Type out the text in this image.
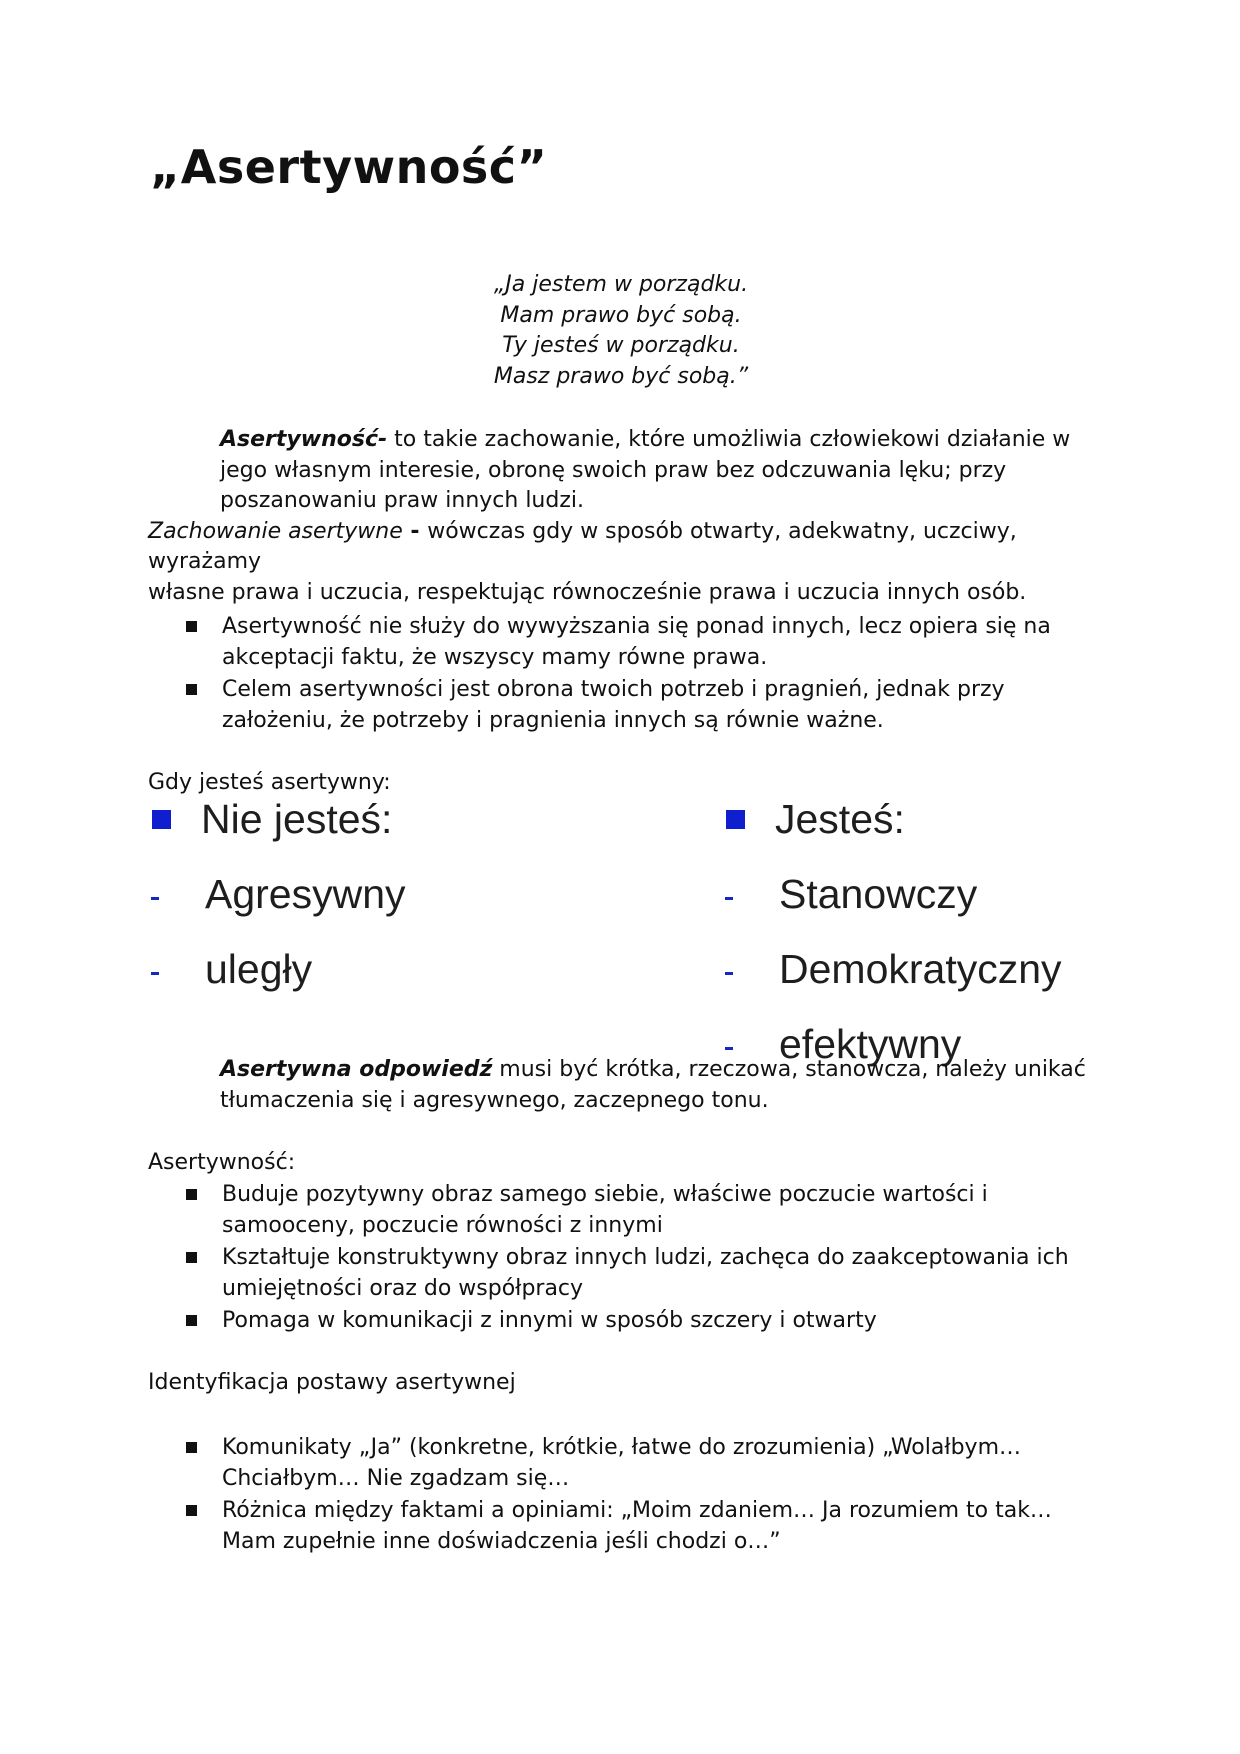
„Asertywność”
„Ja jestem w porządku.
Mam prawo być sobą.
Ty jesteś w porządku.
Masz prawo być sobą.”
Asertywność- to takie zachowanie, które umożliwia człowiekowi działanie w jego własnym interesie, obronę swoich praw bez odczuwania lęku; przy poszanowaniu praw innych ludzi.
Zachowanie asertywne - wówczas gdy w sposób otwarty, adekwatny, uczciwy, wyrażamy
własne prawa i uczucia, respektując równocześnie prawa i uczucia innych osób.
Asertywność nie służy do wywyższania się ponad innych, lecz opiera się na akceptacji faktu, że wszyscy mamy równe prawa.
Celem asertywności jest obrona twoich potrzeb i pragnień, jednak przy założeniu, że potrzeby i pragnienia innych są równie ważne.
Gdy jesteś asertywny:
Nie jesteś:
Agresywny
uległy
Jesteś:
Stanowczy
Demokratyczny
efektywny
Asertywna odpowiedź musi być krótka, rzeczowa, stanowcza, należy unikać tłumaczenia się i agresywnego, zaczepnego tonu.
Asertywność:
Buduje pozytywny obraz samego siebie, właściwe poczucie wartości i samooceny, poczucie równości z innymi
Kształtuje konstruktywny obraz innych ludzi, zachęca do zaakceptowania ich umiejętności oraz do współpracy
Pomaga w komunikacji z innymi w sposób szczery i otwarty
Identyfikacja postawy asertywnej
Komunikaty „Ja” (konkretne, krótkie, łatwe do zrozumienia) „Wolałbym… Chciałbym… Nie zgadzam się…
Różnica między faktami a opiniami: „Moim zdaniem… Ja rozumiem to tak… Mam zupełnie inne doświadczenia jeśli chodzi o…”
